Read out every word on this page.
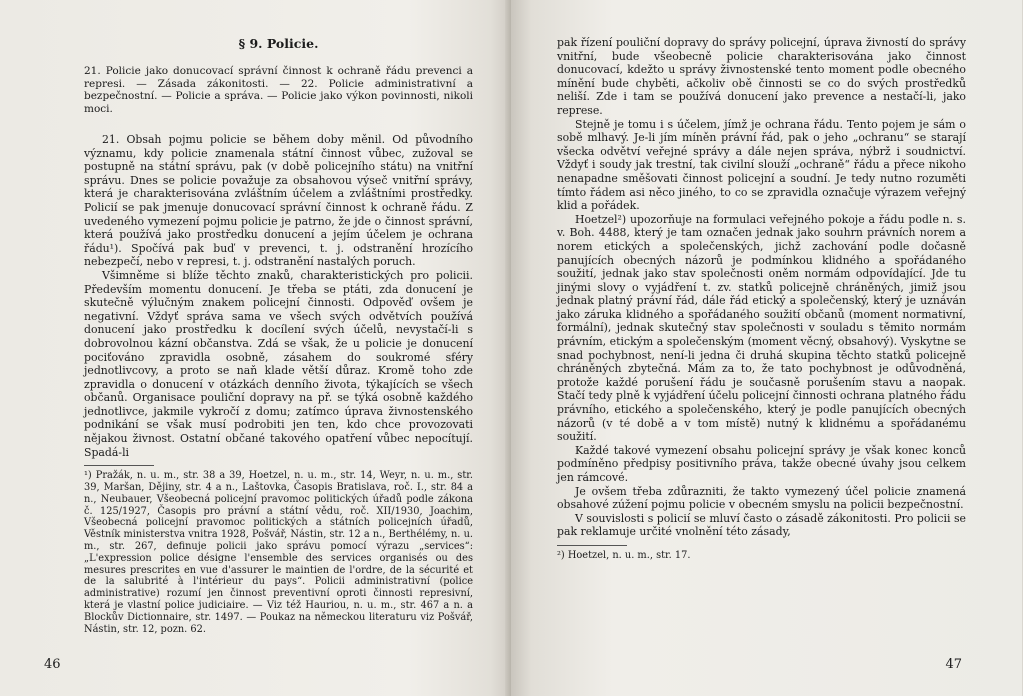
§ 9. Policie.
21. Policie jako donucovací správní činnost k ochraně řádu prevenci a represi. — Zásada zákonitosti. — 22. Policie administrativní a bezpečnostní. — Policie a správa. — Policie jako výkon povinnosti, nikoli moci.

21. Obsah pojmu policie se během doby měnil. Od původního významu, kdy policie znamenala státní činnost vůbec, zužoval se postupně na státní správu, pak (v době policejního státu) na vnitřní správu. Dnes se policie považuje za obsahovou výseč vnitřní správy, která je charakterisována zvláštním účelem a zvláštními prostředky. Policií se pak jmenuje donucovací správní činnost k ochraně řádu. Z uvedeného vymezení pojmu policie je patrno, že jde o činnost správní, která používá jako prostředku donucení a jejím účelem je ochrana řádu¹). Spočívá pak buď v prevenci, t. j. odstranění hrozícího nebezpečí, nebo v represi, t. j. odstranění nastalých poruch.

Všimněme si blíže těchto znaků, charakteristických pro policii. Především momentu donucení. Je třeba se ptáti, zda donucení je skutečně výlučným znakem policejní činnosti. Odpověď ovšem je negativní. Vždyť správa sama ve všech svých odvětvích používá donucení jako prostředku k docílení svých účelů, nevystačí-li s dobrovolnou kázní občanstva. Zdá se však, že u policie je donucení pociťováno zpravidla osobně, zásahem do soukromé sféry jednotlivcovy, a proto se naň klade větší důraz. Kromě toho zde zpravidla o donucení v otázkách denního života, týkajících se všech občanů. Organisace pouliční dopravy na př. se týká osobně každého jednotlivce, jakmile vykročí z domu; zatímco úprava živnostenského podnikání se však musí podrobiti jen ten, kdo chce provozovati nějakou živnost. Ostatní občané takového opatření vůbec nepocítují. Spadá-li

¹) Pražák, n. u. m., str. 38 a 39, Hoetzel, n. u. m., str. 14, Weyr, n. u. m., str. 39, Maršan, Dějiny, str. 4 a n., Laštovka, Časopis Bratislava, roč. I., str. 84 a n., Neubauer, Všeobecná policejní pravomoc politických úřadů podle zákona č. 125/1927, Časopis pro právní a státní vědu, roč. XII/1930, Joachim, Všeobecná policejní pravomoc politických a státních policejních úřadů, Věstník ministerstva vnitra 1928, Pošvář, Nástin, str. 12 a n., Berthélémy, n. u. m., str. 267, definuje policii jako správu pomocí výrazu „services“: „L'expression police désigne l'ensemble des services organisés ou des mesures prescrites en vue d'assurer le maintien de l'ordre, de la sécurité et de la salubrité à l'intérieur du pays“. Policii administrativní (police administrative) rozumí jen činnost preventivní oproti činnosti represivní, která je vlastní police judiciaire. — Viz též Hauriou, n. u. m., str. 467 a n. a Blockův Dictionnaire, str. 1497. — Poukaz na německou literaturu viz Pošvář, Nástin, str. 12, pozn. 62.

46

pak řízení pouliční dopravy do správy policejní, úprava živností do správy vnitřní, bude všeobecně policie charakterisována jako činnost donucovací, kdežto u správy živnostenské tento moment podle obecného mínění bude chyběti, ačkoliv obě činnosti se co do svých prostředků neliší. Zde i tam se používá donucení jako prevence a nestačí-li, jako represe.

Stejně je tomu i s účelem, jímž je ochrana řádu. Tento pojem je sám o sobě mlhavý. Je-li jím míněn právní řád, pak o jeho „ochranu“ se starají všecka odvětví veřejné správy a dále nejen správa, nýbrž i soudnictví. Vždyť i soudy jak trestní, tak civilní slouží „ochraně“ řádu a přece nikoho nenapadne směšovati činnost policejní a soudní. Je tedy nutno rozuměti tímto řádem asi něco jiného, to co se zpravidla označuje výrazem veřejný klid a pořádek.

Hoetzel²) upozorňuje na formulaci veřejného pokoje a řádu podle n. s. v. Boh. 4488, který je tam označen jednak jako souhrn právních norem a norem etických a společenských, jichž zachování podle dočasně panujících obecných názorů je podmínkou klidného a spořádaného soužití, jednak jako stav společnosti oněm normám odpovídající. Jde tu jinými slovy o vyjádření t. zv. statků policejně chráněných, jimiž jsou jednak platný právní řád, dále řád etický a společenský, který je uznáván jako záruka klidného a spořádaného soužití občanů (moment normativní, formální), jednak skutečný stav společnosti v souladu s těmito normám právním, etickým a společenským (moment věcný, obsahový). Vyskytne se snad pochybnost, není-li jedna či druhá skupina těchto statků policejně chráněných zbytečná. Mám za to, že tato pochybnost je odůvodněná, protože každé porušení řádu je současně porušením stavu a naopak. Stačí tedy plně k vyjádření účelu policejní činnosti ochrana platného řádu právního, etického a společenského, který je podle panujících obecných názorů (v té době a v tom místě) nutný k klidnému a spořádanému soužití.

Každé takové vymezení obsahu policejní správy je však konec konců podmíněno předpisy positivního práva, takže obecné úvahy jsou celkem jen rámcové.

Je ovšem třeba zdůrazniti, že takto vymezený účel policie znamená obsahové zúžení pojmu policie v obecném smyslu na policii bezpečnostní.

V souvislosti s policií se mluví často o zásadě zákonitosti. Pro policii se pak reklamuje určité vnolnění této zásady,

²) Hoetzel, n. u. m., str. 17.

47
